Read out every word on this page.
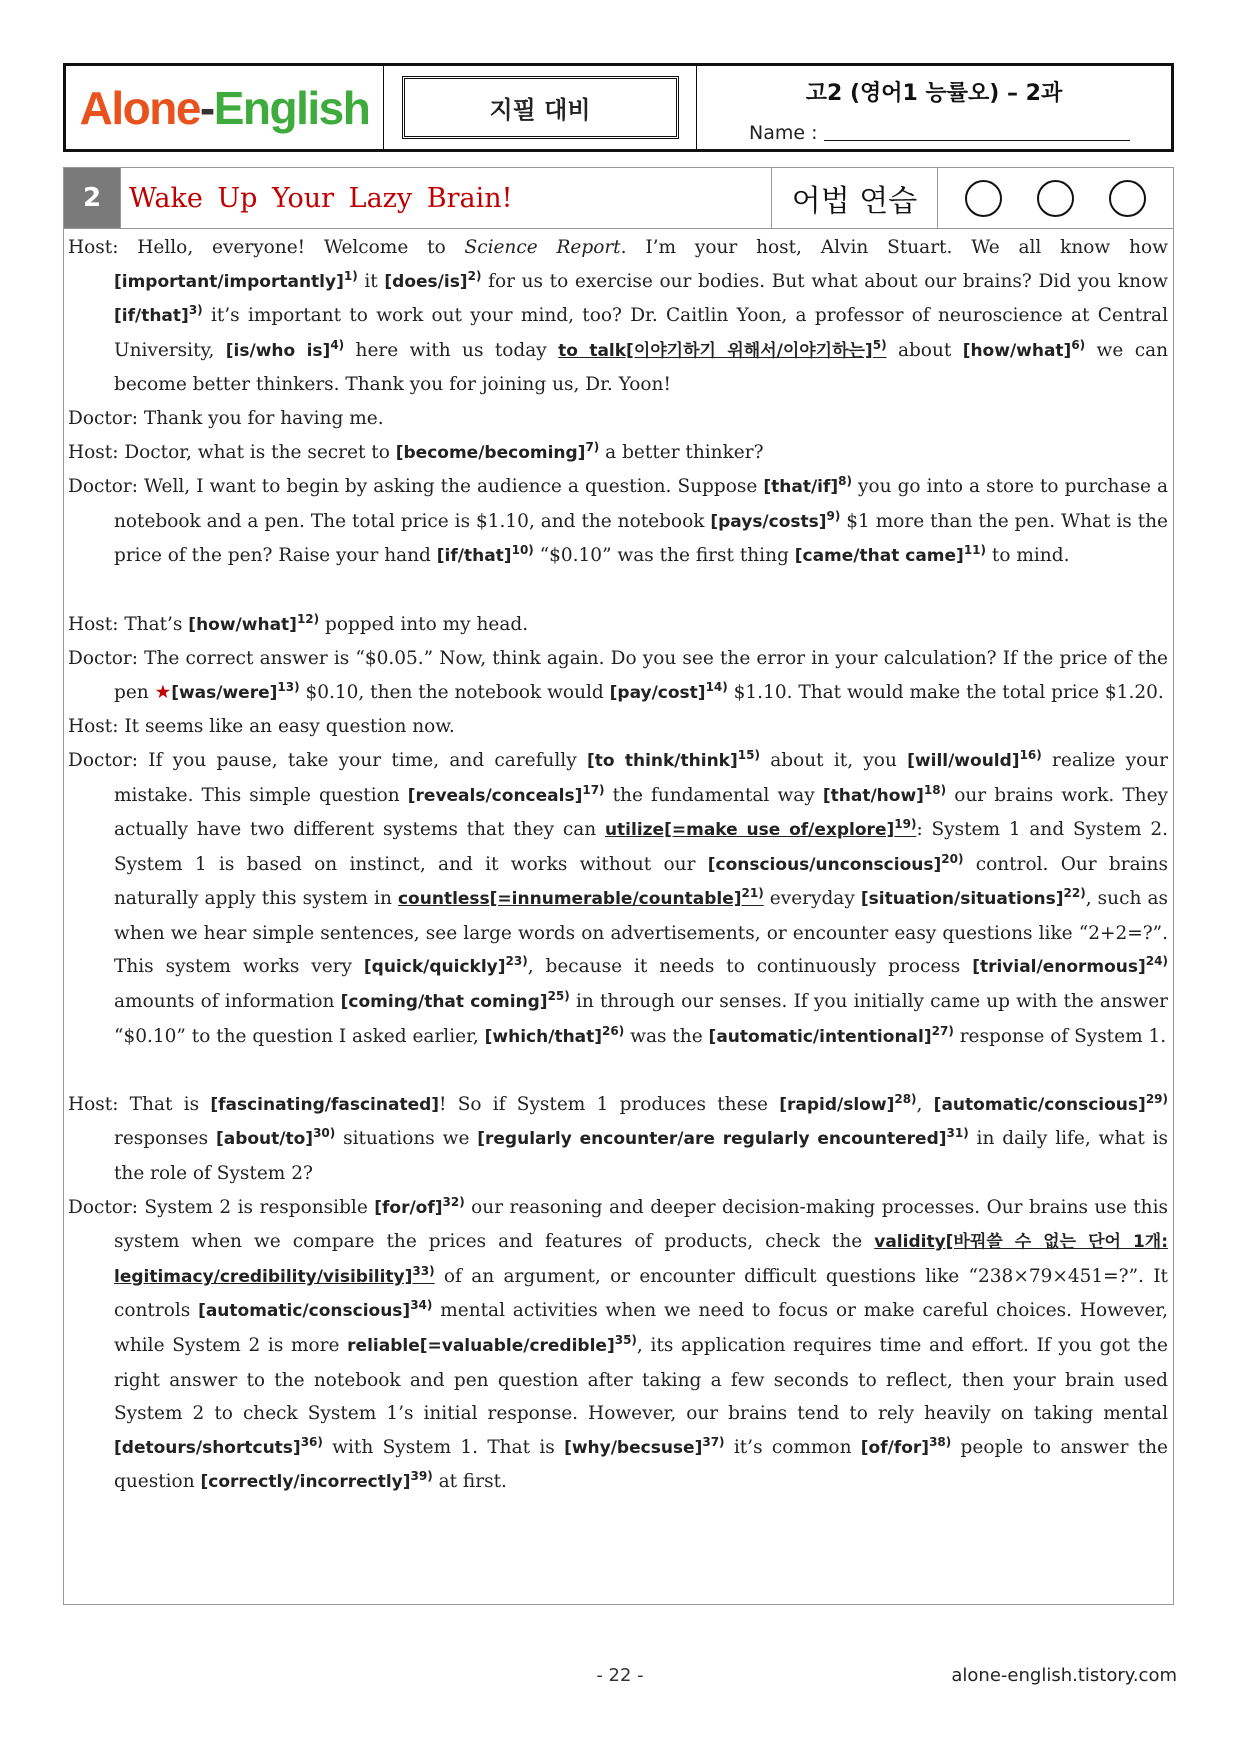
Alone - English	지필 대비
고2 (영어1 능률오) – 2과
Name :
2	Wake Up Your Lazy Brain!	어법 연습

Host: Hello, everyone! Welcome to Science Report. I’m your host, Alvin Stuart. We all know how [important/importantly]$^{1)}$ it [does/is]$^{2)}$ for us to exercise our bodies. But what about our brains? Did you know [if/that]$^{3)}$ it’s important to work out your mind, too? Dr. Caitlin Yoon, a professor of neuroscience at Central University, [is/who is]$^{4)}$ here with us today to talk[이야기하기 위해서/이야기하는]$^{5)}$ about [how/what]$^{6)}$ we can become better thinkers. Thank you for joining us, Dr. Yoon!

Doctor: Thank you for having me.

Host: Doctor, what is the secret to [become/becoming]$^{7)}$ a better thinker?

Doctor: Well, I want to begin by asking the audience a question. Suppose [that/if]$^{8)}$ you go into a store to purchase a notebook and a pen. The total price is $1.10, and the notebook [pays/costs]$^{9)}$ $1 more than the pen. What is the price of the pen? Raise your hand [if/that]$^{10)}$ “$0.10” was the first thing [came/that came]$^{11)}$ to mind.

Host: That’s [how/what]$^{12)}$ popped into my head.

Doctor: The correct answer is “$0.05.” Now, think again. Do you see the error in your calculation? If the price of the pen ★[was/were]$^{13)}$ $0.10, then the notebook would $[pay/\cos t]^{14)}$ $1.10. That would make the total price $1.20.

Host: It seems like an easy question now.

Doctor: If you pause, take your time, and carefully [to think/think]$^{15)}$ about it, you [will/would]$^{16)}$ realize your mistake. This simple question [reveals/conceals]$^{17)}$ the fundamental way [that/how]$^{18)}$ our brains work. They actually have two different systems that they can utilize[=make use of/explore]$^{19)}$: System 1 and System 2. System 1 is based on instinct, and it works without our [conscious/unconscious]$^{20)}$ control. Our brains naturally apply this system in countless[=innumerable/countable]$^{21)}$ everyday [situation/situations]$^{22)}$, such as when we hear simple sentences, see large words on advertisements, or encounter easy questions like “2+2=?”. This system works very [quick/quickly]$^{23)}$, because it needs to continuously process [trivial/enormous]$^{24)}$ amounts of information [coming/that coming]$^{25)}$ in through our senses. If you initially came up with the answer “$0.10” to the question I asked earlier, [which/that]$^{26)}$ was the [automatic/intentional]$^{27)}$ response of System 1.

Host: That is [fascinating/fascinated]! So if System 1 produces these [rapid/slow]$^{28)}$, [automatic/conscious]$^{29)}$ responses [about/to]$^{30)}$ situations we [regularly encounter/are regularly encountered]$^{31)}$ in daily life, what is the role of System 2?

Doctor: System 2 is responsible $[for/of]^{32)}$ our reasoning and deeper decision-making processes. Our brains use this system when we compare the prices and features of products, check the validity[바꿔쓸 수 없는 단어 1개: legitimacy/credibility/visibility]$^{33)}$ of an argument, or encounter difficult questions like “238×79×451=?”. It controls [automatic/conscious]$^{34)}$ mental activities when we need to focus or make careful choices. However, while System 2 is more reliable[=valuable/credible]$^{35)}$, its application requires time and effort. If you got the right answer to the notebook and pen question after taking a few seconds to reflect, then your brain used System 2 to check System 1’s initial response. However, our brains tend to rely heavily on taking mental [detours/shortcuts]$^{36)}$ with System 1. That is [why/becsuse]$^{37)}$ it’s common $[of/for]^{38)}$ people to answer the question [correctly/incorrectly]$^{39)}$ at first.

- 22 -	alone-english.tistory.com
